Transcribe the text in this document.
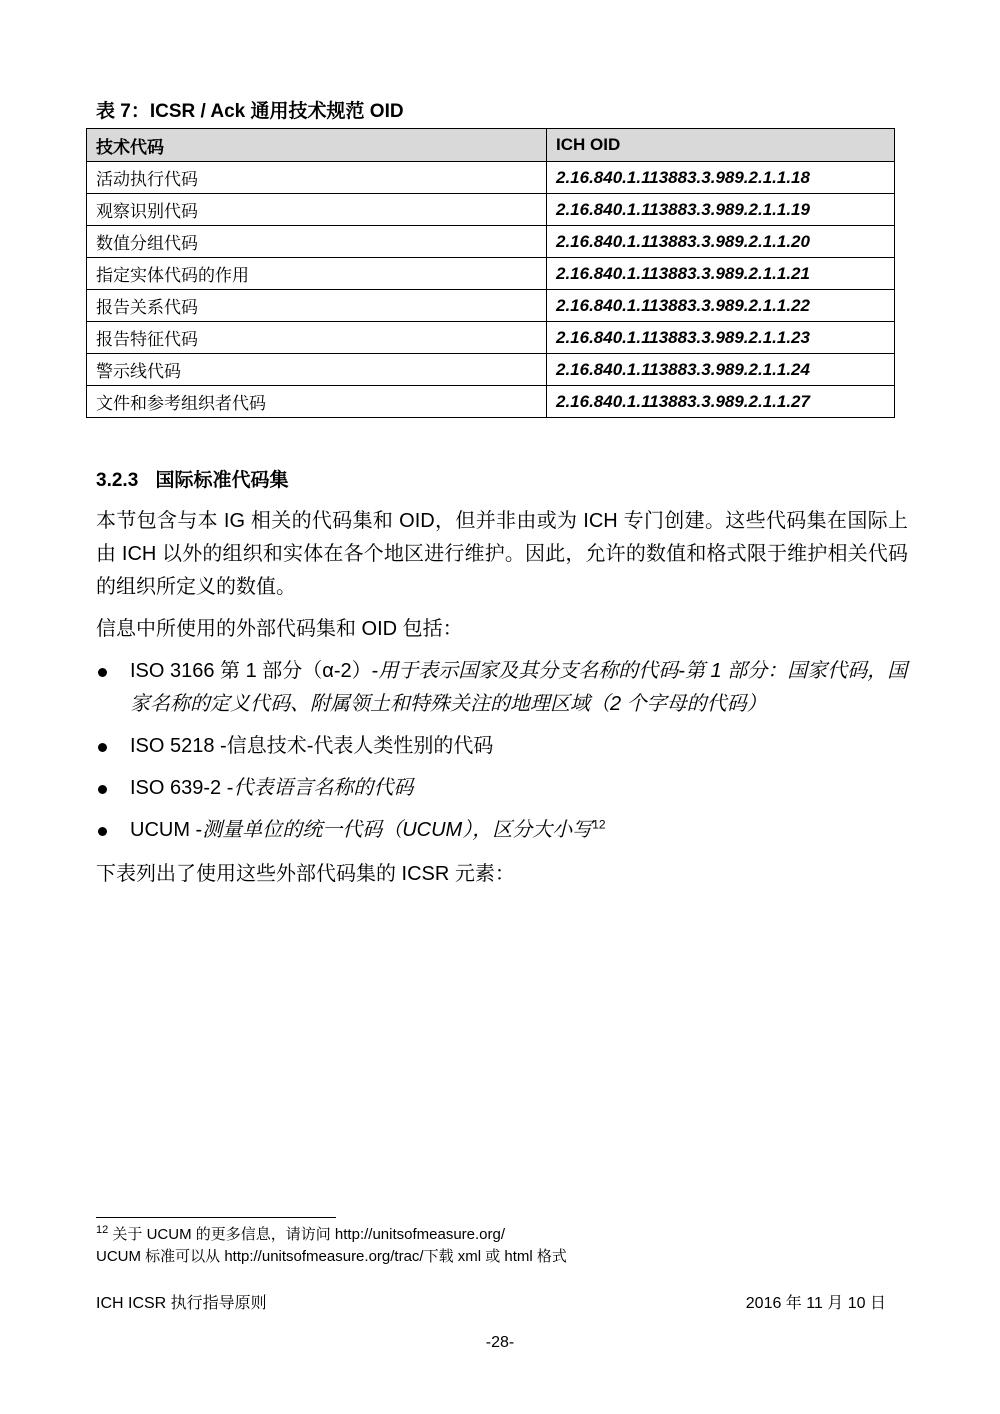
表 7：ICSR / Ack 通用技术规范 OID

技术代码	ICH OID
活动执行代码	2.16.840.1.113883.3.989.2.1.1.18
观察识别代码	2.16.840.1.113883.3.989.2.1.1.19
数值分组代码	2.16.840.1.113883.3.989.2.1.1.20
指定实体代码的作用	2.16.840.1.113883.3.989.2.1.1.21
报告关系代码	2.16.840.1.113883.3.989.2.1.1.22
报告特征代码	2.16.840.1.113883.3.989.2.1.1.23
警示线代码	2.16.840.1.113883.3.989.2.1.1.24
文件和参考组织者代码	2.16.840.1.113883.3.989.2.1.1.27
3.2.3 国际标准代码集

本节包含与本 IG 相关的代码集和 OID，但并非由或为 ICH 专门创建。这些代码集在国际上由 ICH 以外的组织和实体在各个地区进行维护。因此，允许的数值和格式限于维护相关代码的组织所定义的数值。

信息中所使用的外部代码集和 OID 包括：

ISO 3166 第 1 部分（α-2）-用于表示国家及其分支名称的代码-第 1 部分：国家代码，国家名称的定义代码、附属领土和特殊关注的地理区域（2 个字母的代码）
ISO 5218 -信息技术-代表人类性别的代码
ISO 639-2 -代表语言名称的代码
UCUM -测量单位的统一代码（UCUM），区分大小写$^{12}$

下表列出了使用这些外部代码集的 ICSR 元素：

$^{12}$ 关于 UCUM 的更多信息，请访问 http://unitsofmeasure.org/
UCUM 标准可以从 http://unitsofmeasure.org/trac/下载 xml 或 html 格式
ICH ICSR 执行指导原则	2016 年 11 月 10 日
-28-
